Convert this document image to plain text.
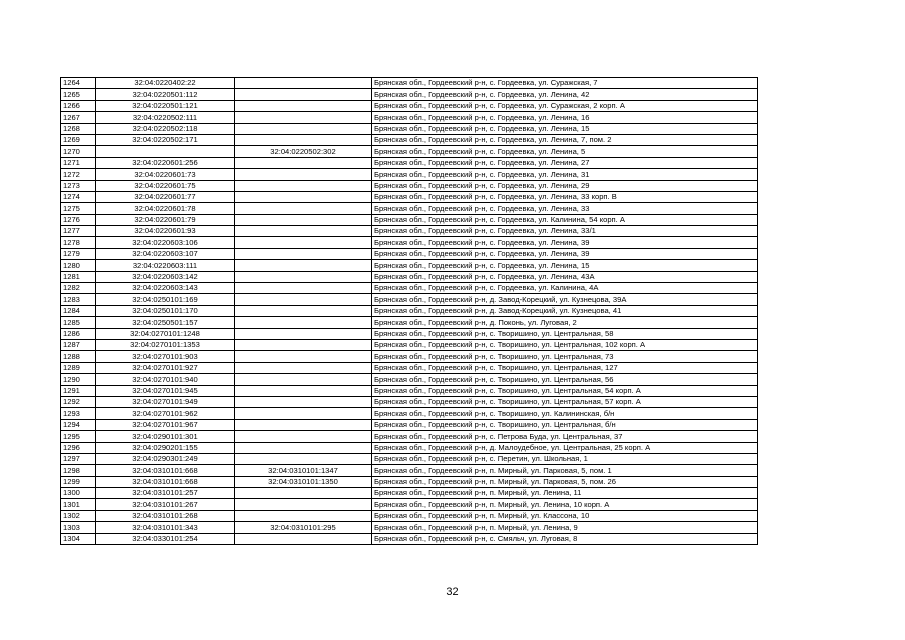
1264	32:04:0220402:22		Брянская обл., Гордеевский р-н, с. Гордеевка, ул. Суражская, 7
1265	32:04:0220501:112		Брянская обл., Гордеевский р-н, с. Гордеевка, ул. Ленина, 42
1266	32:04:0220501:121		Брянская обл., Гордеевский р-н, с. Гордеевка, ул. Суражская, 2 корп. А
1267	32:04:0220502:111		Брянская обл., Гордеевский р-н, с. Гордеевка, ул. Ленина, 16
1268	32:04:0220502:118		Брянская обл., Гордеевский р-н, с. Гордеевка, ул. Ленина, 15
1269	32:04:0220502:171		Брянская обл., Гордеевский р-н, с. Гордеевка, ул. Ленина, 7, пом. 2
1270		32:04:0220502:302	Брянская обл., Гордеевский р-н, с. Гордеевка, ул. Ленина, 5
1271	32:04:0220601:256		Брянская обл., Гордеевский р-н, с. Гордеевка, ул. Ленина, 27
1272	32:04:0220601:73		Брянская обл., Гордеевский р-н, с. Гордеевка, ул. Ленина, 31
1273	32:04:0220601:75		Брянская обл., Гордеевский р-н, с. Гордеевка, ул. Ленина, 29
1274	32:04:0220601:77		Брянская обл., Гордеевский р-н, с. Гордеевка, ул. Ленина, 33 корп. В
1275	32:04:0220601:78		Брянская обл., Гордеевский р-н, с. Гордеевка, ул. Ленина, 33
1276	32:04:0220601:79		Брянская обл., Гордеевский р-н, с. Гордеевка, ул. Калинина, 54 корп. А
1277	32:04:0220601:93		Брянская обл., Гордеевский р-н, с. Гордеевка, ул. Ленина, 33/1
1278	32:04:0220603:106		Брянская обл., Гордеевский р-н, с. Гордеевка, ул. Ленина, 39
1279	32:04:0220603:107		Брянская обл., Гордеевский р-н, с. Гордеевка, ул. Ленина, 39
1280	32:04:0220603:111		Брянская обл., Гордеевский р-н, с. Гордеевка, ул. Ленина, 15
1281	32:04:0220603:142		Брянская обл., Гордеевский р-н, с. Гордеевка, ул. Ленина, 43А
1282	32:04:0220603:143		Брянская обл., Гордеевский р-н, с. Гордеевка, ул. Калинина, 4А
1283	32:04:0250101:169		Брянская обл., Гордеевский р-н, д. Завод-Корецкий, ул. Кузнецова, 39А
1284	32:04:0250101:170		Брянская обл., Гордеевский р-н, д. Завод-Корецкий, ул. Кузнецова, 41
1285	32:04:0250501:157		Брянская обл., Гордеевский р-н, д. Поконь, ул. Луговая, 2
1286	32:04:0270101:1248		Брянская обл., Гордеевский р-н, с. Творишино, ул. Центральная, 58
1287	32:04:0270101:1353		Брянская обл., Гордеевский р-н, с. Творишино, ул. Центральная, 102 корп. А
1288	32:04:0270101:903		Брянская обл., Гордеевский р-н, с. Творишино, ул. Центральная, 73
1289	32:04:0270101:927		Брянская обл., Гордеевский р-н, с. Творишино, ул. Центральная, 127
1290	32:04:0270101:940		Брянская обл., Гордеевский р-н, с. Творишино, ул. Центральная, 56
1291	32:04:0270101:945		Брянская обл., Гордеевский р-н, с. Творишино, ул. Центральная, 54 корп. А
1292	32:04:0270101:949		Брянская обл., Гордеевский р-н, с. Творишино, ул. Центральная, 57 корп. А
1293	32:04:0270101:962		Брянская обл., Гордеевский р-н, с. Творишино, ул. Калининская, б/н
1294	32:04:0270101:967		Брянская обл., Гордеевский р-н, с. Творишино, ул. Центральная, б/н
1295	32:04:0290101:301		Брянская обл., Гордеевский р-н, с. Петрова Буда, ул. Центральная, 37
1296	32:04:0290201:155		Брянская обл., Гордеевский р-н, д. Малоудебное, ул. Центральная, 25 корп. А
1297	32:04:0290301:249		Брянская обл., Гордеевский р-н, с. Перетин, ул. Школьная, 1
1298	32:04:0310101:668	32:04:0310101:1347	Брянская обл., Гордеевский р-н, п. Мирный, ул. Парковая, 5, пом. 1
1299	32:04:0310101:668	32:04:0310101:1350	Брянская обл., Гордеевский р-н, п. Мирный, ул. Парковая, 5, пом. 26
1300	32:04:0310101:257		Брянская обл., Гордеевский р-н, п. Мирный, ул. Ленина, 11
1301	32:04:0310101:267		Брянская обл., Гордеевский р-н, п. Мирный, ул. Ленина, 10 корп. А
1302	32:04:0310101:268		Брянская обл., Гордеевский р-н, п. Мирный, ул. Классона, 10
1303	32:04:0310101:343	32:04:0310101:295	Брянская обл., Гордеевский р-н, п. Мирный, ул. Ленина, 9
1304	32:04:0330101:254		Брянская обл., Гордеевский р-н, с. Смяльч, ул. Луговая, 8
32
